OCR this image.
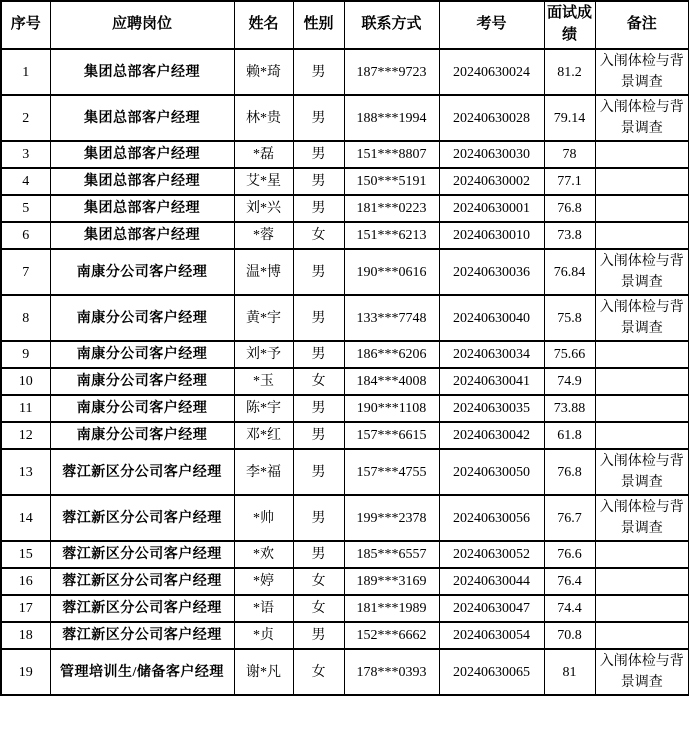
序号	应聘岗位	姓名	性别	联系方式	考号	面试成绩	备注
1	集团总部客户经理	赖*琦	男	187***9723	20240630024	81.2	入闱体检与背景调查
2	集团总部客户经理	林*贵	男	188***1994	20240630028	79.14	入闱体检与背景调查
3	集团总部客户经理	*磊	男	151***8807	20240630030	78	
4	集团总部客户经理	艾*星	男	150***5191	20240630002	77.1	
5	集团总部客户经理	刘*兴	男	181***0223	20240630001	76.8	
6	集团总部客户经理	*蓉	女	151***6213	20240630010	73.8	
7	南康分公司客户经理	温*博	男	190***0616	20240630036	76.84	入闱体检与背景调查
8	南康分公司客户经理	黄*宇	男	133***7748	20240630040	75.8	入闱体检与背景调查
9	南康分公司客户经理	刘*予	男	186***6206	20240630034	75.66	
10	南康分公司客户经理	*玉	女	184***4008	20240630041	74.9	
11	南康分公司客户经理	陈*宇	男	190***1108	20240630035	73.88	
12	南康分公司客户经理	邓*红	男	157***6615	20240630042	61.8	
13	蓉江新区分公司客户经理	李*福	男	157***4755	20240630050	76.8	入闱体检与背景调查
14	蓉江新区分公司客户经理	*帅	男	199***2378	20240630056	76.7	入闱体检与背景调查
15	蓉江新区分公司客户经理	*欢	男	185***6557	20240630052	76.6	
16	蓉江新区分公司客户经理	*婷	女	189***3169	20240630044	76.4	
17	蓉江新区分公司客户经理	*语	女	181***1989	20240630047	74.4	
18	蓉江新区分公司客户经理	*贞	男	152***6662	20240630054	70.8	
19	管理培训生/储备客户经理	谢*凡	女	178***0393	20240630065	81	入闱体检与背景调查
